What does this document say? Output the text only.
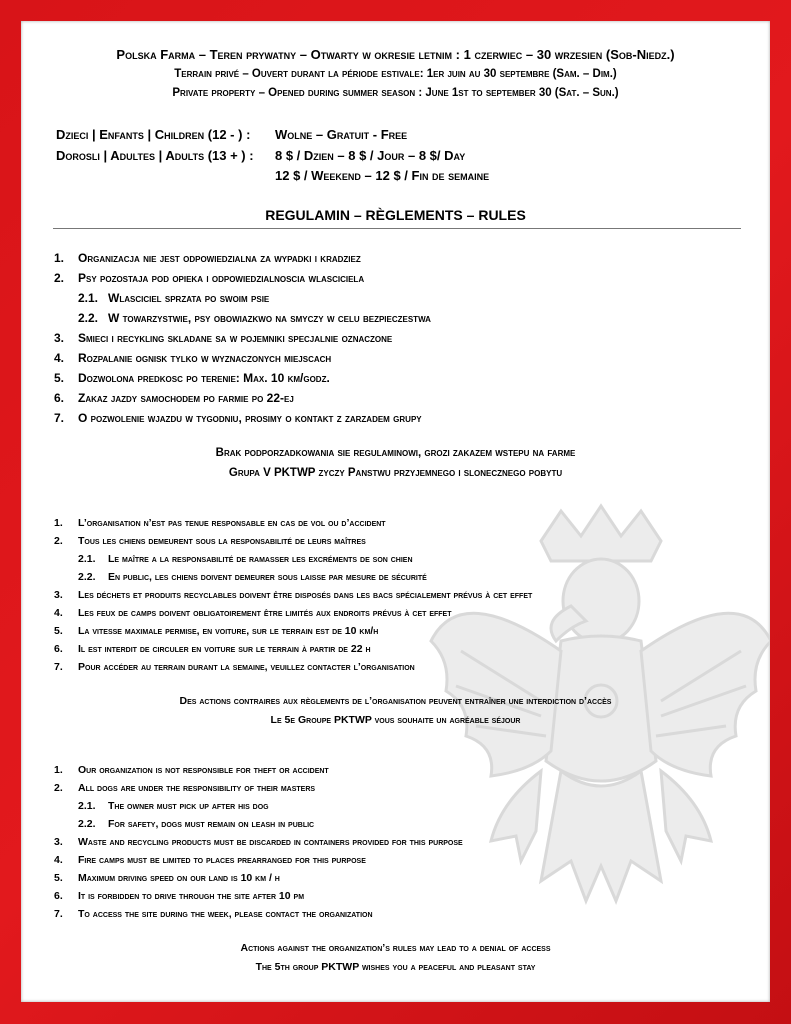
Polska Farma – Teren prywatny – Otwarty w okresie letnim : 1 czerwiec – 30 wrzesien (Sob-Niedz.)
Terrain privé – Ouvert durant la période estivale: 1er juin au 30 septembre (Sam. – Dim.)
Private property – Opened during summer season : June 1st to september 30 (Sat. – Sun.)
Dzieci | Enfants | Children (12 - ) : Wolne – Gratuit - Free
Dorosli | Adultes | Adults (13 + ) : 8 $ / Dzien – 8 $ / Jour – 8 $/ Day
12 $ / Weekend – 12 $ / Fin de semaine
REGULAMIN – RÈGLEMENTS – RULES
1. Organizacja nie jest odpowiedzialna za wypadki i kradziez
2. Psy pozostaja pod opieka i odpowiedzialnoscia wlasciciela
2.1. Wlasciciel sprzata po swoim psie
2.2. W towarzystwie, psy obowiazkwo na smyczy w celu bezpieczestwa
3. Smieci i recykling skladane sa w pojemniki specjalnie oznaczone
4. Rozpalanie ognisk tylko w wyznaczonych miejscach
5. Dozwolona predkosc po terenie: Max. 10 km/godz.
6. Zakaz jazdy samochodem po farmie po 22-ej
7. O pozwolenie wjazdu w tygodniu, prosimy o kontakt z zarzadem grupy
Brak podporzadkowania sie regulaminowi, grozi zakazem wstepu na farme
Grupa V PKTWP zyczy Panstwu przyjemnego i slonecznego pobytu
1. L’organisation n’est pas tenue responsable en cas de vol ou d’accident
2. Tous les chiens demeurent sous la responsabilité de leurs maîtres
2.1. Le maître a la responsabilité de ramasser les excréments de son chien
2.2. En public, les chiens doivent demeurer sous laisse par mesure de sécurité
3. Les déchets et produits recyclables doivent être disposés dans les bacs spécialement prévus à cet effet
4. Les feux de camps doivent obligatoirement être limités aux endroits prévus à cet effet
5. La vitesse maximale permise, en voiture, sur le terrain est de 10 km/h
6. Il est interdit de circuler en voiture sur le terrain à partir de 22 h
7. Pour accéder au terrain durant la semaine, veuillez contacter l’organisation
Des actions contraires aux règlements de l’organisation peuvent entraîner une interdiction d’accès
Le 5e Groupe PKTWP vous souhaite un agréable séjour
1. Our organization is not responsible for theft or accident
2. All dogs are under the responsibility of their masters
2.1. The owner must pick up after his dog
2.2. For safety, dogs must remain on leash in public
3. Waste and recycling products must be discarded in containers provided for this purpose
4. Fire camps must be limited to places prearranged for this purpose
5. Maximum driving speed on our land is 10 km / h
6. It is forbidden to drive through the site after 10 pm
7. To access the site during the week, please contact the organization
Actions against the organization’s rules may lead to a denial of access
The 5th group PKTWP wishes you a peaceful and pleasant stay
